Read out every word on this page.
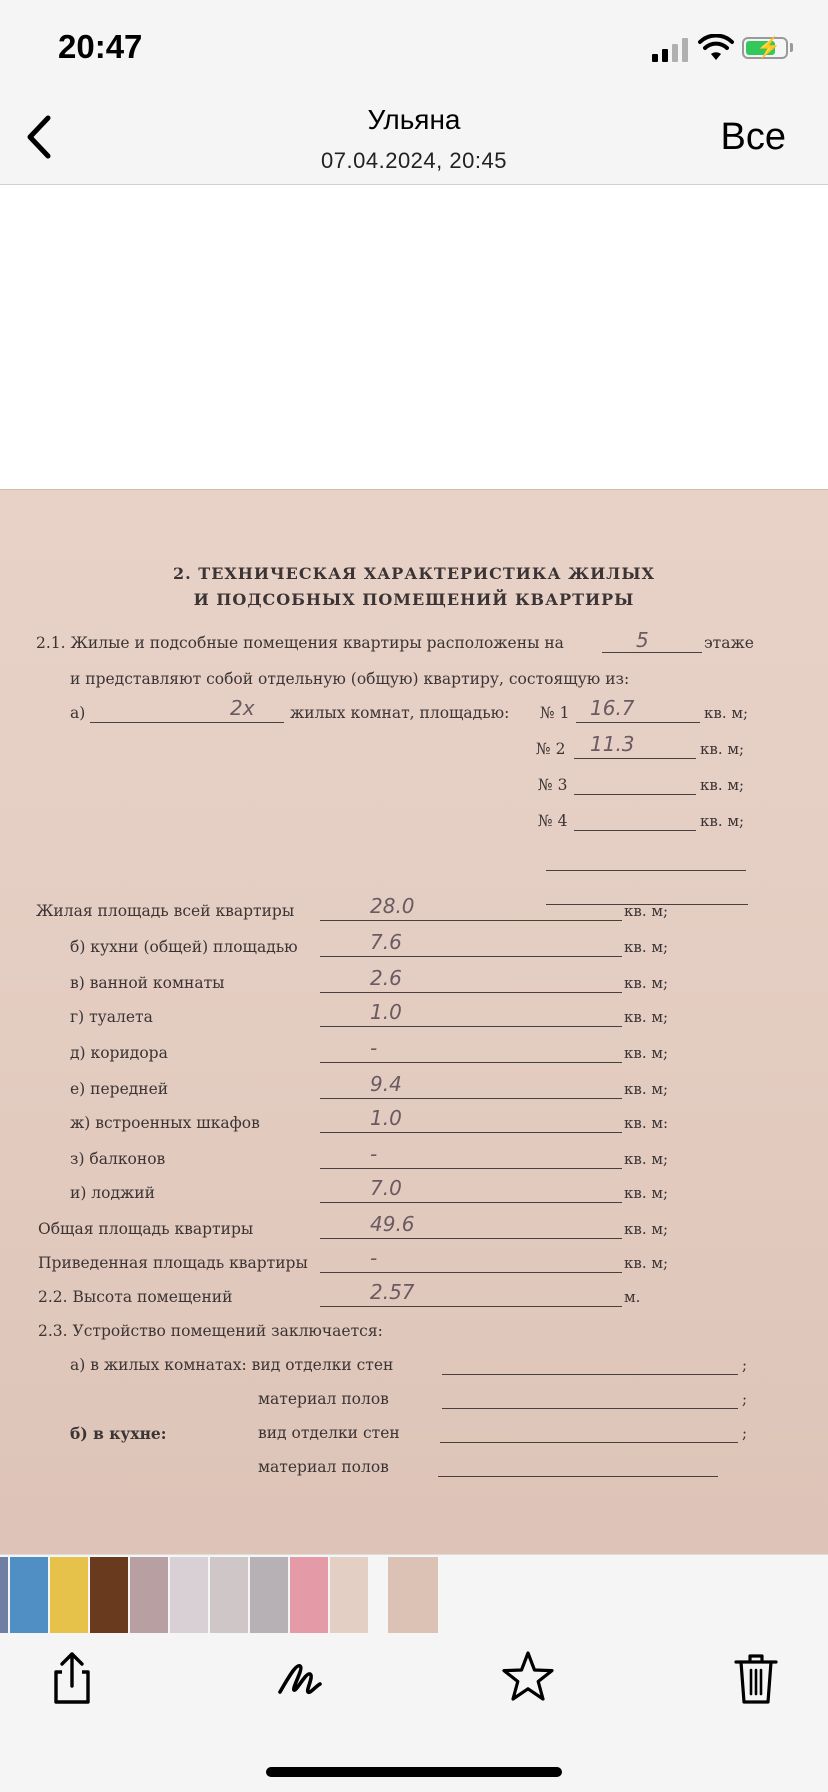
20:47	⚡
Ульяна
07.04.2024, 20:45
Все
2. ТЕХНИЧЕСКАЯ ХАРАКТЕРИСТИКА ЖИЛЫХ
И ПОДСОБНЫХ ПОМЕЩЕНИЙ КВАРТИРЫ
2.1. Жилые и подсобные помещения квартиры расположены на	5	этаже
и представляют собой отдельную (общую) квартиру, состоящую из:
а)	2х жилых комнат, площадью: № 1 16.7	кв. м;
№ 2 11.3	кв. м;
№ 3	кв. м;
№ 4	кв. м;
Жилая площадь всей квартиры	28.0	кв. м;
б) кухни (общей) площадью	7.6	кв. м;
в) ванной комнаты	2.6	кв. м;
г) туалета	1.0	кв. м;
д) коридора	-	кв. м;
е) передней	9.4	кв. м;
ж) встроенных шкафов	1.0	кв. м:
з) балконов	-	кв. м;
и) лоджий	7.0	кв. м;
Общая площадь квартиры	49.6	кв. м;
Приведенная площадь квартиры	-	кв. м;
2.2. Высота помещений	2.57	м.
2.3. Устройство помещений заключается:
а) в жилых комнатах: вид отделки стен	;
материал полов	;
б) в кухне:	вид отделки стен	;
материал полов
